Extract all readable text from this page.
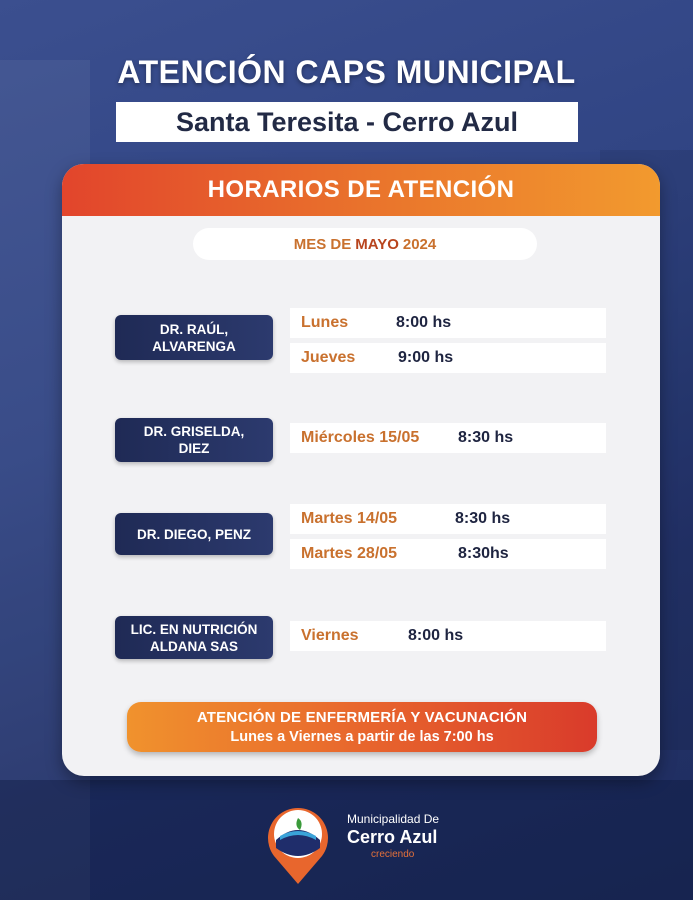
ATENCIÓN CAPS MUNICIPAL
Santa Teresita - Cerro Azul
HORARIOS DE ATENCIÓN
MES DE MAYO 2024
DR. RAÚL,
ALVARENGA
Lunes	8:00 hs
Jueves	9:00 hs
DR. GRISELDA,
DIEZ
Miércoles 15/05 8:30 hs
DR. DIEGO, PENZ
Martes 14/05	8:30 hs
Martes 28/05	8:30hs
LIC. EN NUTRICIÓN
ALDANA SAS
Viernes	8:00 hs
ATENCIÓN DE ENFERMERÍA Y VACUNACIÓN
Lunes a Viernes a partir de las 7:00 hs
Municipalidad De
Cerro Azul
creciendo
